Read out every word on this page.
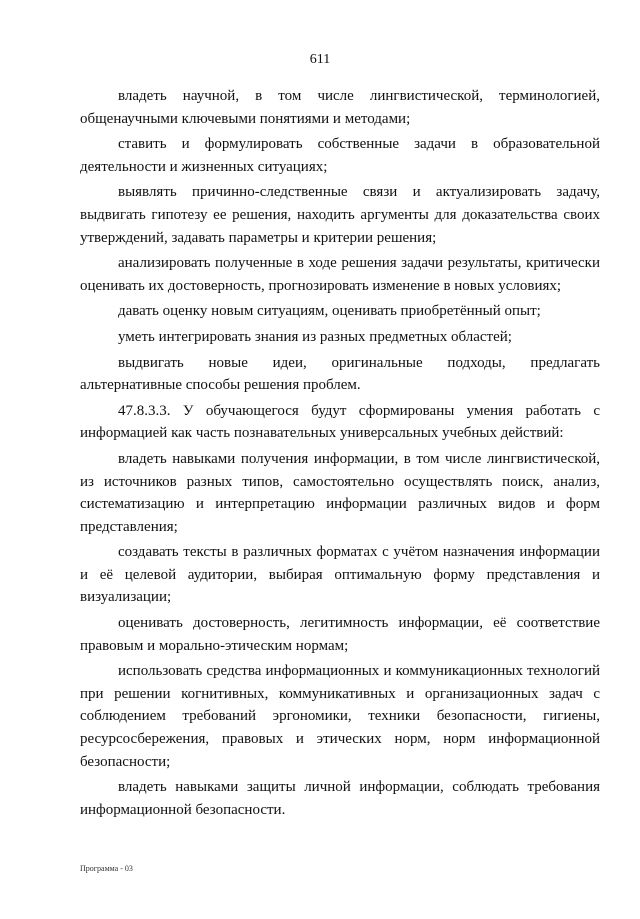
611

владеть научной, в том числе лингвистической, терминологией, общенаучными ключевыми понятиями и методами;

ставить и формулировать собственные задачи в образовательной деятельности и жизненных ситуациях;

выявлять причинно-следственные связи и актуализировать задачу, выдвигать гипотезу ее решения, находить аргументы для доказательства своих утверждений, задавать параметры и критерии решения;

анализировать полученные в ходе решения задачи результаты, критически оценивать их достоверность, прогнозировать изменение в новых условиях;

давать оценку новым ситуациям, оценивать приобретённый опыт;

уметь интегрировать знания из разных предметных областей;

выдвигать новые идеи, оригинальные подходы, предлагать альтернативные способы решения проблем.

47.8.3.3. У обучающегося будут сформированы умения работать с информацией как часть познавательных универсальных учебных действий:

владеть навыками получения информации, в том числе лингвистической, из источников разных типов, самостоятельно осуществлять поиск, анализ, систематизацию и интерпретацию информации различных видов и форм представления;

создавать тексты в различных форматах с учётом назначения информации и её целевой аудитории, выбирая оптимальную форму представления и визуализации;

оценивать достоверность, легитимность информации, её соответствие правовым и морально-этическим нормам;

использовать средства информационных и коммуникационных технологий при решении когнитивных, коммуникативных и организационных задач с соблюдением требований эргономики, техники безопасности, гигиены, ресурсосбережения, правовых и этических норм, норм информационной безопасности;

владеть навыками защиты личной информации, соблюдать требования информационной безопасности.

Программа - 03
